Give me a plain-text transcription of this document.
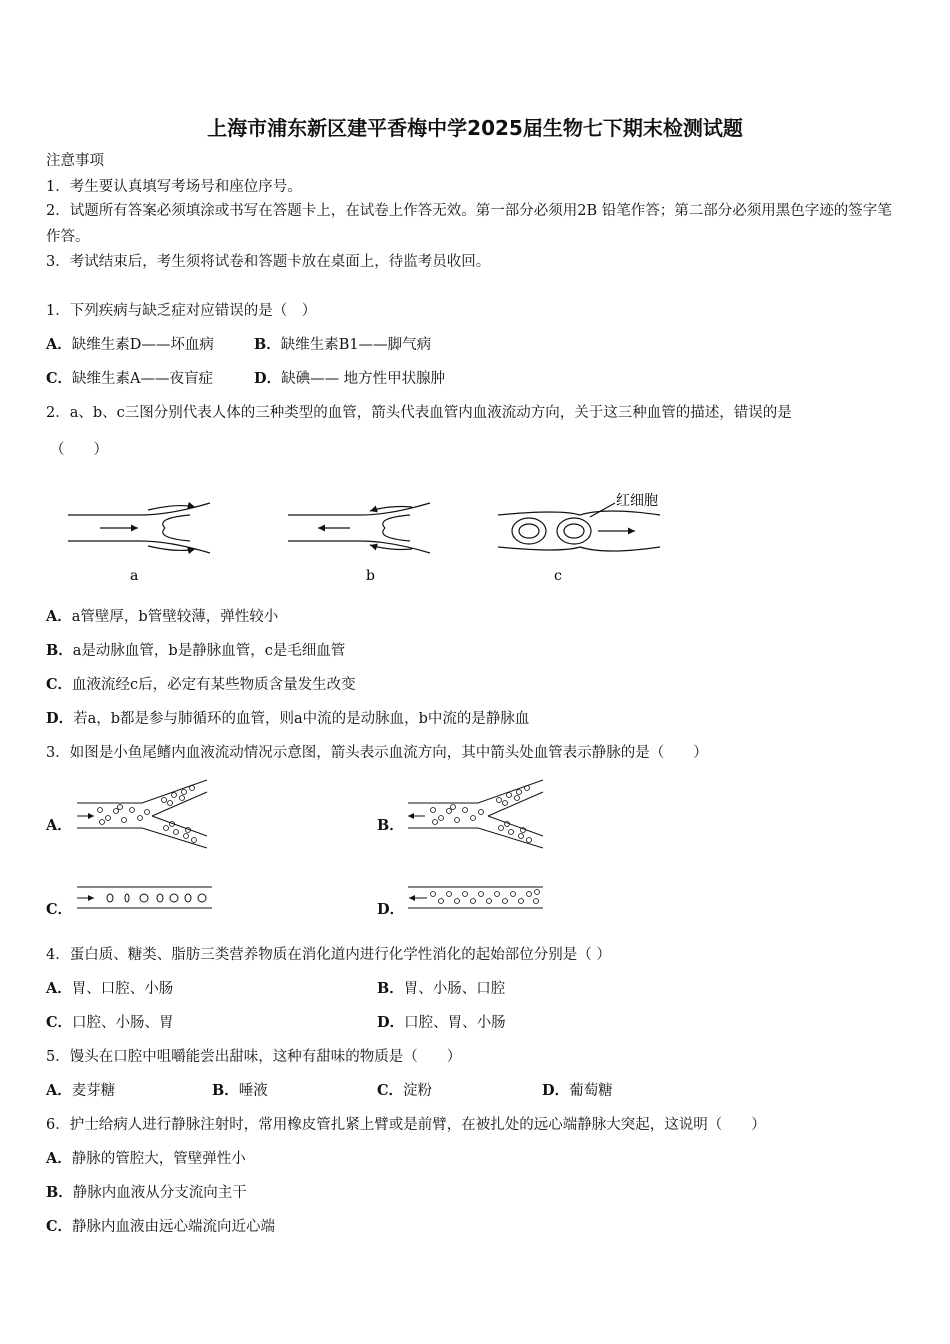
上海市浦东新区建平香梅中学2025届生物七下期末检测试题
注意事项
1．考生要认真填写考场号和座位序号。
2．试题所有答案必须填涂或书写在答题卡上，在试卷上作答无效。第一部分必须用2B 铅笔作答；第二部分必须用黑色字迹的签字笔作答。
3．考试结束后，考生须将试卷和答题卡放在桌面上，待监考员收回。
1．下列疾病与缺乏症对应错误的是（　）
A．缺维生素D——坏血病	B．缺维生素B1——脚气病
C．缺维生素A——夜盲症	D．缺碘—— 地方性甲状腺肿
2．a、b、c三图分别代表人体的三种类型的血管，箭头代表血管内血液流动方向，关于这三种血管的描述，错误的是
（　　）
a	b
红细胞
c
A．a管壁厚，b管壁较薄，弹性较小
B．a是动脉血管，b是静脉血管，c是毛细血管
C．血液流经c后，必定有某些物质含量发生改变
D．若a，b都是参与肺循环的血管，则a中流的是动脉血，b中流的是静脉血
3．如图是小鱼尾鳍内血液流动情况示意图，箭头表示血流方向，其中箭头处血管表示静脉的是（　　）
A．	B．
C．	D．
4．蛋白质、糖类、脂肪三类营养物质在消化道内进行化学性消化的起始部位分别是（ ）
A．胃、口腔、小肠	B．胃、小肠、口腔
C．口腔、小肠、胃	D．口腔、胃、小肠
5．馒头在口腔中咀嚼能尝出甜味，这种有甜味的物质是（　　）
A．麦芽糖	B．唾液	C．淀粉	D．葡萄糖
6．护士给病人进行静脉注射时，常用橡皮管扎紧上臂或是前臂，在被扎处的远心端静脉大突起，这说明（　　）
A．静脉的管腔大，管壁弹性小
B．静脉内血液从分支流向主干
C．静脉内血液由远心端流向近心端
